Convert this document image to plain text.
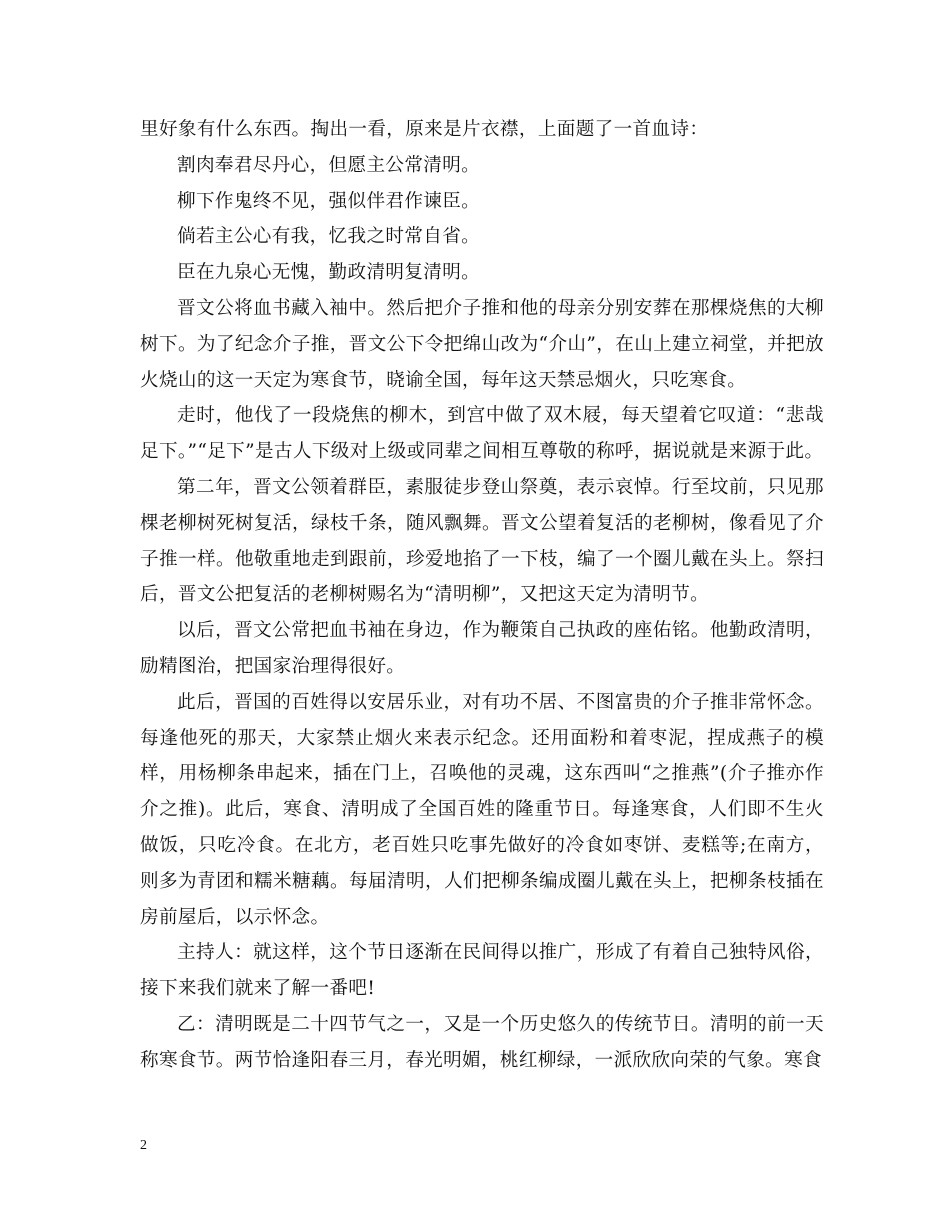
里好象有什么东西。掏出一看，原来是片衣襟，上面题了一首血诗：

割肉奉君尽丹心，但愿主公常清明。

柳下作鬼终不见，强似伴君作谏臣。

倘若主公心有我，忆我之时常自省。

臣在九泉心无愧，勤政清明复清明。

晋文公将血书藏入袖中。然后把介子推和他的母亲分别安葬在那棵烧焦的大柳树下。为了纪念介子推，晋文公下令把绵山改为“介山”，在山上建立祠堂，并把放火烧山的这一天定为寒食节，晓谕全国，每年这天禁忌烟火，只吃寒食。

走时，他伐了一段烧焦的柳木，到宫中做了双木屐，每天望着它叹道：“悲哉足下。”“足下”是古人下级对上级或同辈之间相互尊敬的称呼，据说就是来源于此。

第二年，晋文公领着群臣，素服徒步登山祭奠，表示哀悼。行至坟前，只见那棵老柳树死树复活，绿枝千条，随风飘舞。晋文公望着复活的老柳树，像看见了介子推一样。他敬重地走到跟前，珍爱地掐了一下枝，编了一个圈儿戴在头上。祭扫后，晋文公把复活的老柳树赐名为“清明柳”，又把这天定为清明节。

以后，晋文公常把血书袖在身边，作为鞭策自己执政的座佑铭。他勤政清明，励精图治，把国家治理得很好。

此后，晋国的百姓得以安居乐业，对有功不居、不图富贵的介子推非常怀念。每逢他死的那天，大家禁止烟火来表示纪念。还用面粉和着枣泥，捏成燕子的模样，用杨柳条串起来，插在门上，召唤他的灵魂，这东西叫“之推燕”(介子推亦作介之推)。此后，寒食、清明成了全国百姓的隆重节日。每逢寒食，人们即不生火做饭，只吃冷食。在北方，老百姓只吃事先做好的冷食如枣饼、麦糕等;在南方，则多为青团和糯米糖藕。每届清明，人们把柳条编成圈儿戴在头上，把柳条枝插在房前屋后，以示怀念。

主持人：就这样，这个节日逐渐在民间得以推广，形成了有着自己独特风俗，接下来我们就来了解一番吧!

乙：清明既是二十四节气之一，又是一个历史悠久的传统节日。清明的前一天称寒食节。两节恰逢阳春三月，春光明媚，桃红柳绿，一派欣欣向荣的气象。寒食

2
